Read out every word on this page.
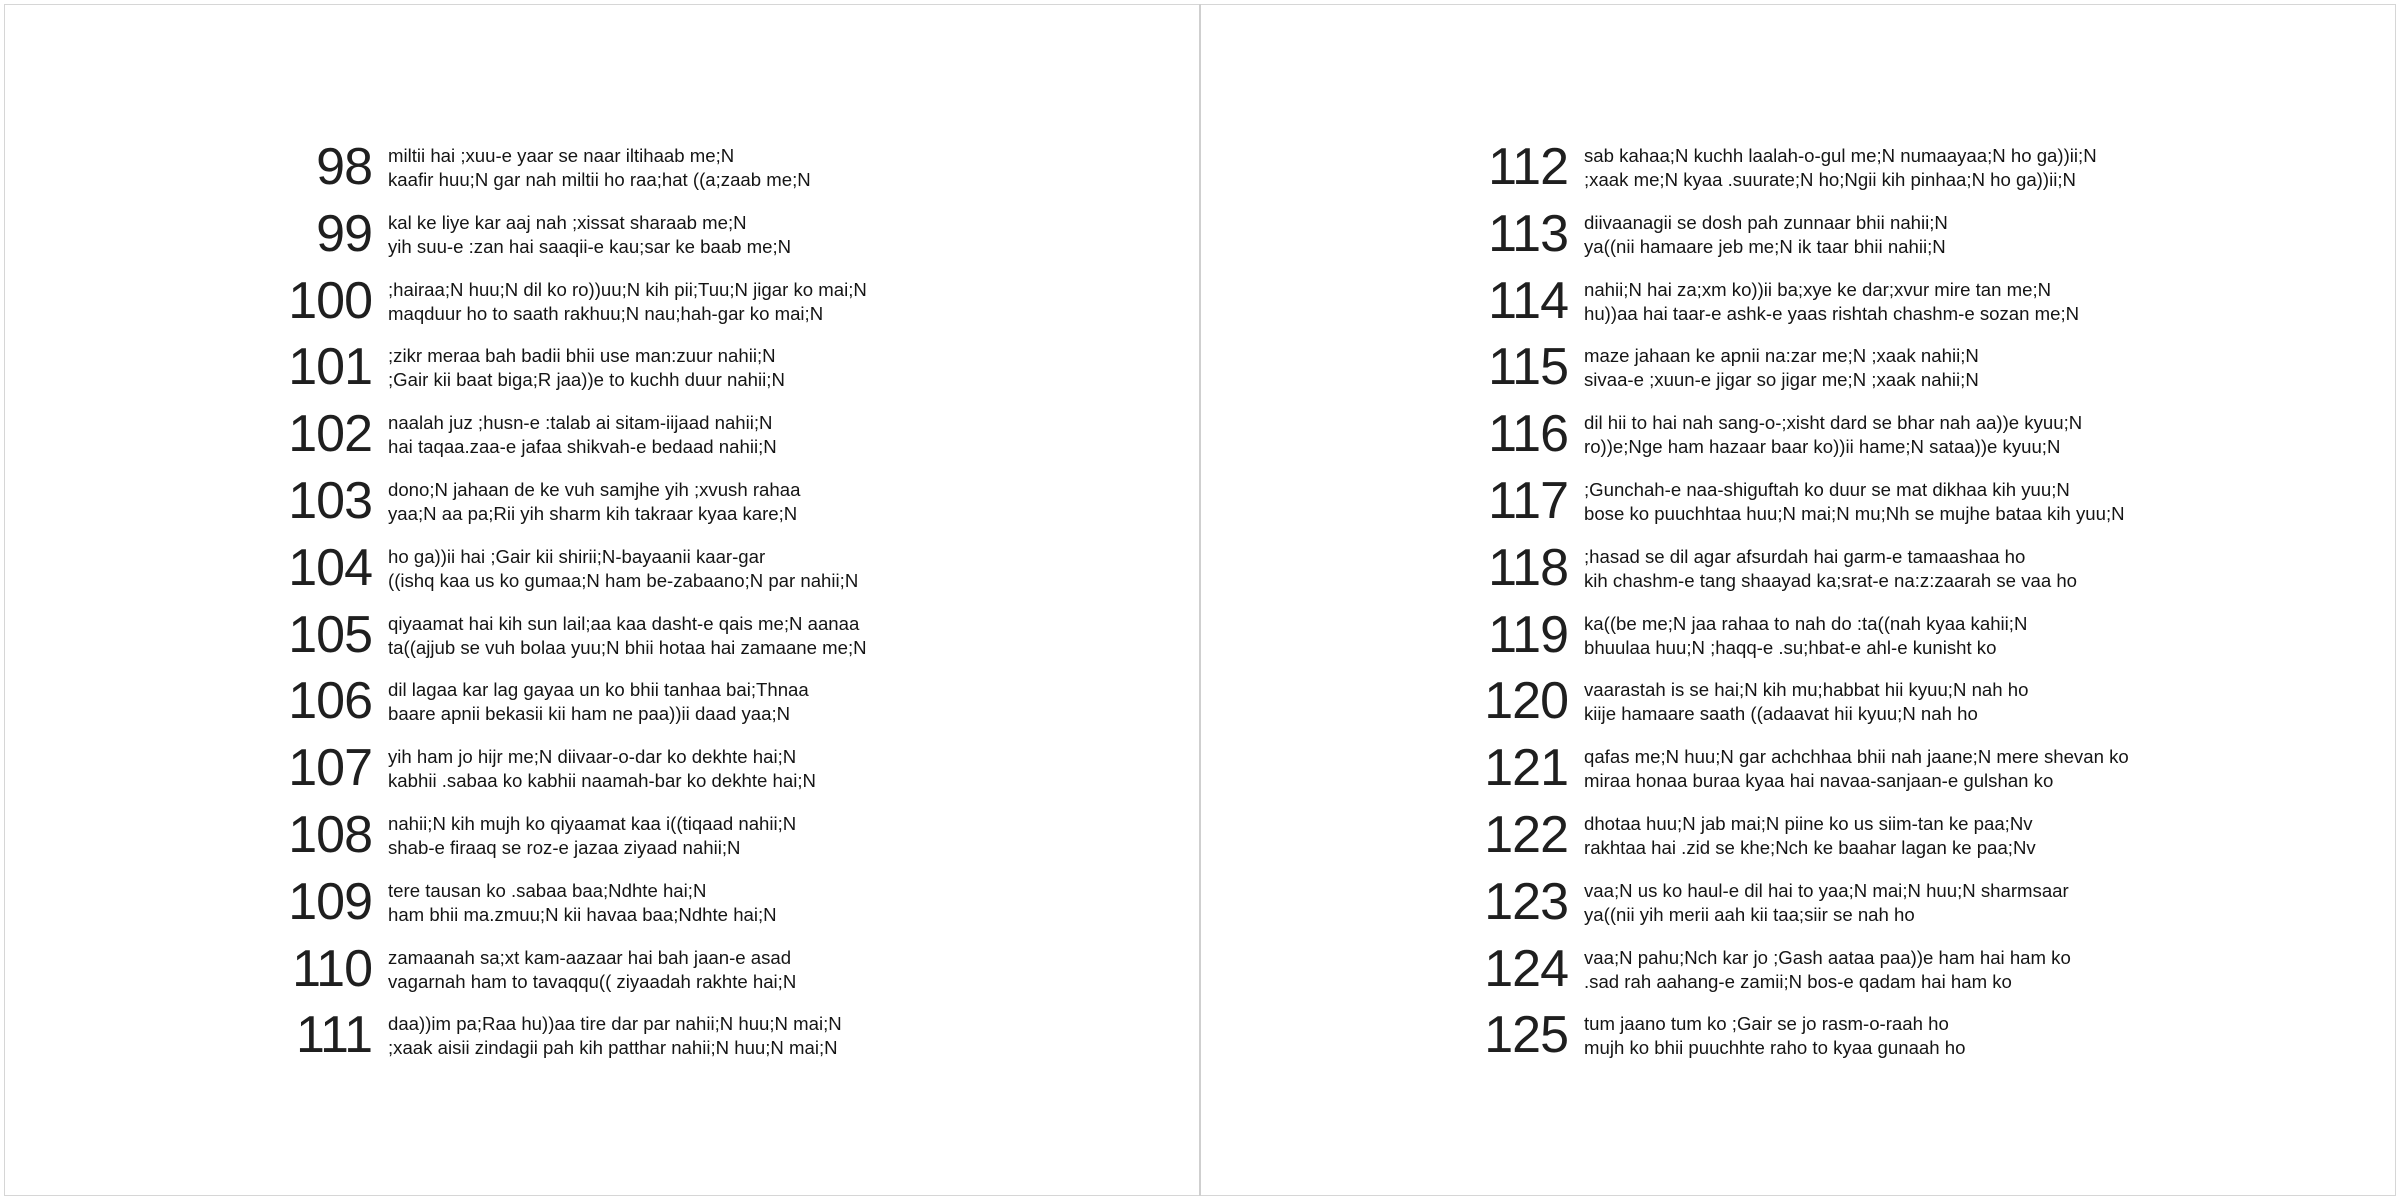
98 miltii hai ;xuu-e yaar se naar iltihaab me;N
kaafir huu;N gar nah miltii ho raa;hat ((a;zaab me;N
99 kal ke liye kar aaj nah ;xissat sharaab me;N
yih suu-e :zan hai saaqii-e kau;sar ke baab me;N
100 ;hairaa;N huu;N dil ko ro))uu;N kih pii;Tuu;N jigar ko mai;N
maqduur ho to saath rakhuu;N nau;hah-gar ko mai;N
101 ;zikr meraa bah badii bhii use man:zuur nahii;N
;Gair kii baat biga;R jaa))e to kuchh duur nahii;N
102 naalah juz ;husn-e :talab ai sitam-iijaad nahii;N
hai taqaa.zaa-e jafaa shikvah-e bedaad nahii;N
103 dono;N jahaan de ke vuh samjhe yih ;xvush rahaa
yaa;N aa pa;Rii yih sharm kih takraar kyaa kare;N
104 ho ga))ii hai ;Gair kii shirii;N-bayaanii kaar-gar
((ishq kaa us ko gumaa;N ham be-zabaano;N par nahii;N
105 qiyaamat hai kih sun lail;aa kaa dasht-e qais me;N aanaa
ta((ajjub se vuh bolaa yuu;N bhii hotaa hai zamaane me;N
106 dil lagaa kar lag gayaa un ko bhii tanhaa bai;Thnaa
baare apnii bekasii kii ham ne paa))ii daad yaa;N
107 yih ham jo hijr me;N diivaar-o-dar ko dekhte hai;N
kabhii .sabaa ko kabhii naamah-bar ko dekhte hai;N
108 nahii;N kih mujh ko qiyaamat kaa i((tiqaad nahii;N
shab-e firaaq se roz-e jazaa ziyaad nahii;N
109 tere tausan ko .sabaa baa;Ndhte hai;N
ham bhii ma.zmuu;N kii havaa baa;Ndhte hai;N
110 zamaanah sa;xt kam-aazaar hai bah jaan-e asad
vagarnah ham to tavaqqu(( ziyaadah rakhte hai;N
111 daa))im pa;Raa hu))aa tire dar par nahii;N huu;N mai;N
;xaak aisii zindagii pah kih patthar nahii;N huu;N mai;N
112 sab kahaa;N kuchh laalah-o-gul me;N numaayaa;N ho ga))ii;N
;xaak me;N kyaa .suurate;N ho;Ngii kih pinhaa;N ho ga))ii;N
113 diivaanagii se dosh pah zunnaar bhii nahii;N
ya((nii hamaare jeb me;N ik taar bhii nahii;N
114 nahii;N hai za;xm ko))ii ba;xye ke dar;xvur mire tan me;N
hu))aa hai taar-e ashk-e yaas rishtah chashm-e sozan me;N
115 maze jahaan ke apnii na:zar me;N ;xaak nahii;N
sivaa-e ;xuun-e jigar so jigar me;N ;xaak nahii;N
116 dil hii to hai nah sang-o-;xisht dard se bhar nah aa))e kyuu;N
ro))e;Nge ham hazaar baar ko))ii hame;N sataa))e kyuu;N
117 ;Gunchah-e naa-shiguftah ko duur se mat dikhaa kih yuu;N
bose ko puuchhtaa huu;N mai;N mu;Nh se mujhe bataa kih yuu;N
118 ;hasad se dil agar afsurdah hai garm-e tamaashaa ho
kih chashm-e tang shaayad ka;srat-e na:z:zaarah se vaa ho
119 ka((be me;N jaa rahaa to nah do :ta((nah kyaa kahii;N
bhuulaa huu;N ;haqq-e .su;hbat-e ahl-e kunisht ko
120 vaarastah is se hai;N kih mu;habbat hii kyuu;N nah ho
kiije hamaare saath ((adaavat hii kyuu;N nah ho
121 qafas me;N huu;N gar achchhaa bhii nah jaane;N mere shevan ko
miraa honaa buraa kyaa hai navaa-sanjaan-e gulshan ko
122 dhotaa huu;N jab mai;N piine ko us siim-tan ke paa;Nv
rakhtaa hai .zid se khe;Nch ke baahar lagan ke paa;Nv
123 vaa;N us ko haul-e dil hai to yaa;N mai;N huu;N sharmsaar
ya((nii yih merii aah kii taa;siir se nah ho
124 vaa;N pahu;Nch kar jo ;Gash aataa paa))e ham hai ham ko
.sad rah aahang-e zamii;N bos-e qadam hai ham ko
125 tum jaano tum ko ;Gair se jo rasm-o-raah ho
mujh ko bhii puuchhte raho to kyaa gunaah ho
